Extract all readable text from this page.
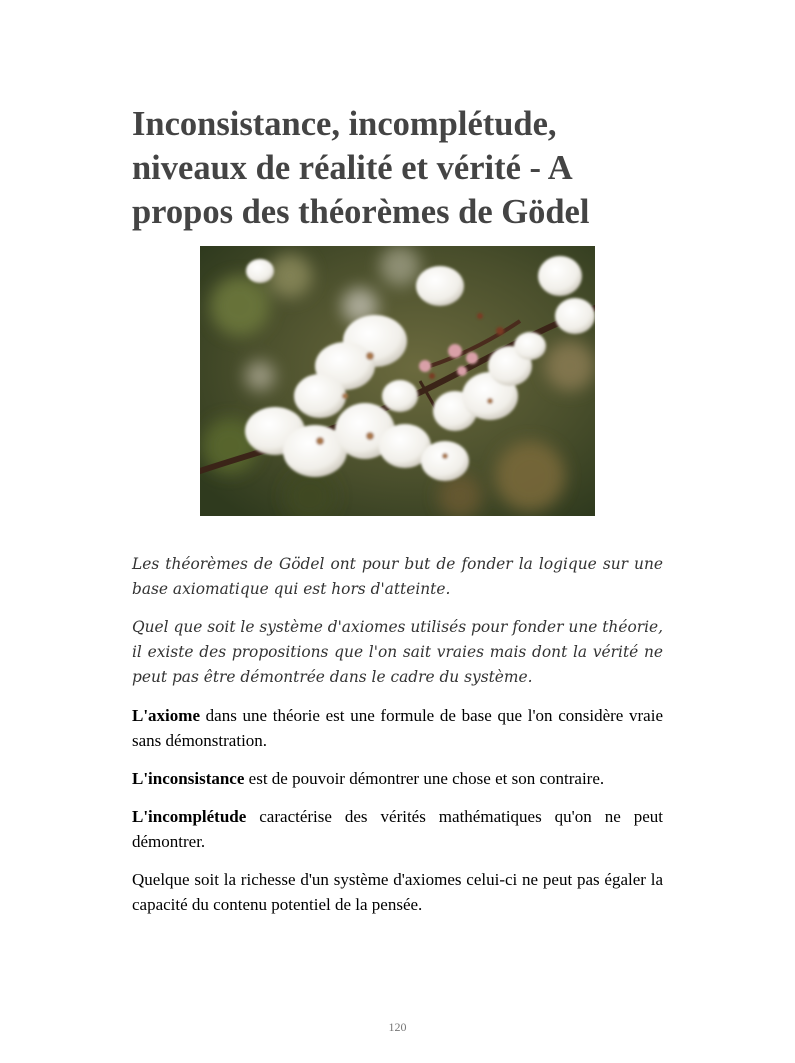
Inconsistance, incomplétude,
niveaux de réalité et vérité - A
propos des théorèmes de Gödel

Les théorèmes de Gödel ont pour but de fonder la logique sur une base axiomatique qui est hors d'atteinte.

Quel que soit le système d'axiomes utilisés pour fonder une théorie, il existe des propositions que l'on sait vraies mais dont la vérité ne peut pas être démontrée dans le cadre du système.

L'axiome dans une théorie est une formule de base que l'on considère vraie sans démonstration.

L'inconsistance est de pouvoir démontrer une chose et son contraire.

L'incomplétude caractérise des vérités mathématiques qu'on ne peut démontrer.

Quelque soit la richesse d'un système d'axiomes celui-ci ne peut pas égaler la capacité du contenu potentiel de la pensée.

120
